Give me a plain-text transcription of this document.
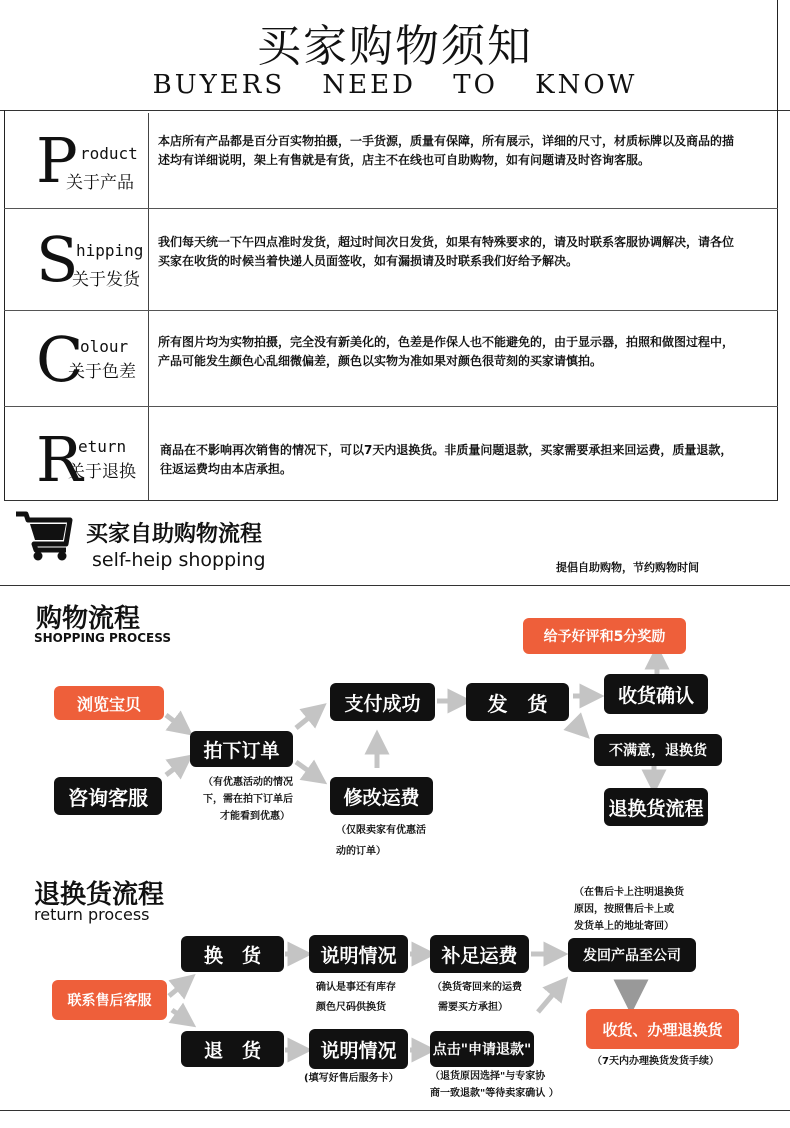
买家购物须知
BUYERS NEED TO KNOW
P roduct
关于产品
本店所有产品都是百分百实物拍摄，一手货源，质量有保障，所有展示，详细的尺寸，材质标牌以及商品的描述均有详细说明，架上有售就是有货，店主不在线也可自助购物，如有问题请及时咨询客服。
S
hipping
关于发货
我们每天统一下午四点准时发货，超过时间次日发货，如果有特殊要求的，请及时联系客服协调解决，请各位买家在收货的时候当着快递人员面签收，如有漏损请及时联系我们好给予解决。
C
olour
关于色差
所有图片均为实物拍摄，完全没有新美化的，色差是作保人也不能避免的，由于显示器，拍照和做图过程中，产品可能发生颜色心乱细微偏差，颜色以实物为准如果对颜色很苛刻的买家请慎拍。
R
eturn
关于退换
商品在不影响再次销售的情况下，可以7天内退换货。非质量问题退款，买家需要承担来回运费，质量退款，往返运费均由本店承担。
买家自助购物流程
self-heip shopping	提倡自助购物，节约购物时间
购物流程
SHOPPING PROCESS
浏览宝贝
咨询客服
拍下订单
（有优惠活动的情况
下，需在拍下订单后
才能看到优惠）
支付成功
修改运费
（仅限卖家有优惠活
动的订单）
发　货
给予好评和5分奖励
收货确认
不满意，退换货
退换货流程
退换货流程
return process
联系售后客服
换　货
退　货
说明情况
确认是事还有库存
颜色尺码供换货
说明情况
(填写好售后服务卡）
补足运费
（换货寄回来的运费
需要买方承担）
点击"申请退款"
（退货原因选择"与专家协
商一致退款"等待卖家确认 ）
（在售后卡上注明退换货
原因，按照售后卡上或
发货单上的地址寄回）
发回产品至公司
收货、办理退换货
（7天内办理换货发货手续）
